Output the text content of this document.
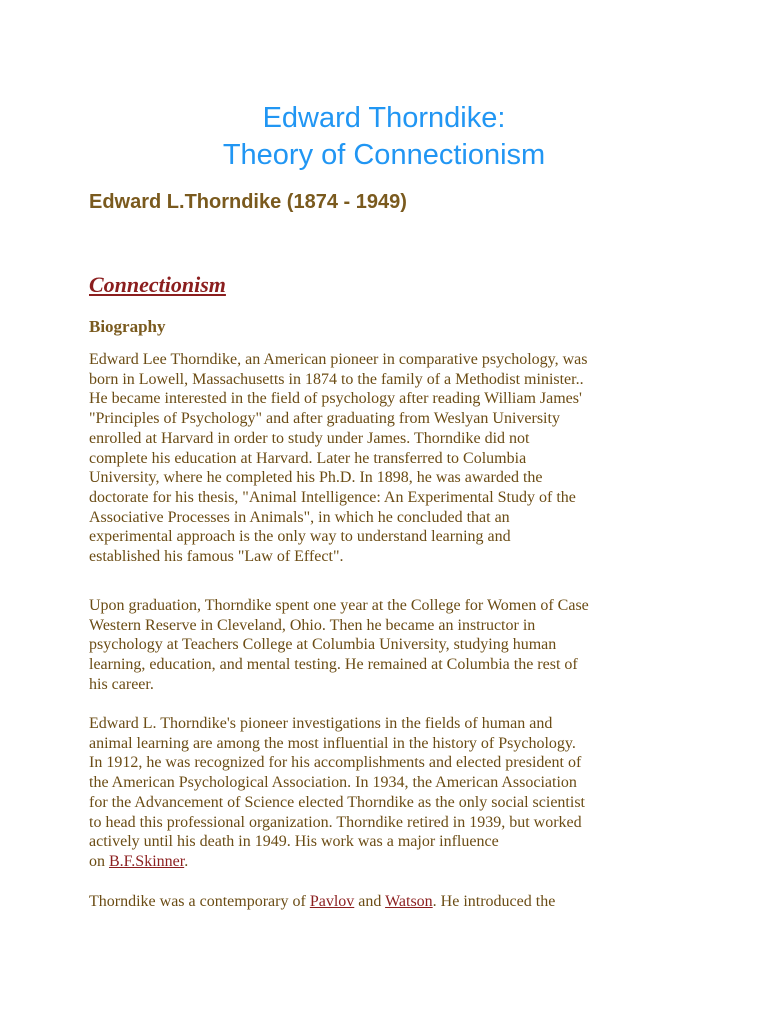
Edward Thorndike:
Theory of Connectionism
Edward L.Thorndike (1874 - 1949)
Connectionism
Biography

Edward Lee Thorndike, an American pioneer in comparative psychology, was
born in Lowell, Massachusetts in 1874 to the family of a Methodist minister..
He became interested in the field of psychology after reading William James'
"Principles of Psychology" and after graduating from Weslyan University
enrolled at Harvard in order to study under James. Thorndike did not
complete his education at Harvard. Later he transferred to Columbia
University, where he completed his Ph.D. In 1898, he was awarded the
doctorate for his thesis, "Animal Intelligence: An Experimental Study of the
Associative Processes in Animals", in which he concluded that an
experimental approach is the only way to understand learning and
established his famous "Law of Effect".

Upon graduation, Thorndike spent one year at the College for Women of Case
Western Reserve in Cleveland, Ohio. Then he became an instructor in
psychology at Teachers College at Columbia University, studying human
learning, education, and mental testing. He remained at Columbia the rest of
his career.

Edward L. Thorndike's pioneer investigations in the fields of human and
animal learning are among the most influential in the history of Psychology.
In 1912, he was recognized for his accomplishments and elected president of
the American Psychological Association. In 1934, the American Association
for the Advancement of Science elected Thorndike as the only social scientist
to head this professional organization. Thorndike retired in 1939, but worked
actively until his death in 1949. His work was a major influence
on B.F.Skinner.

Thorndike was a contemporary of Pavlov and Watson. He introduced the
